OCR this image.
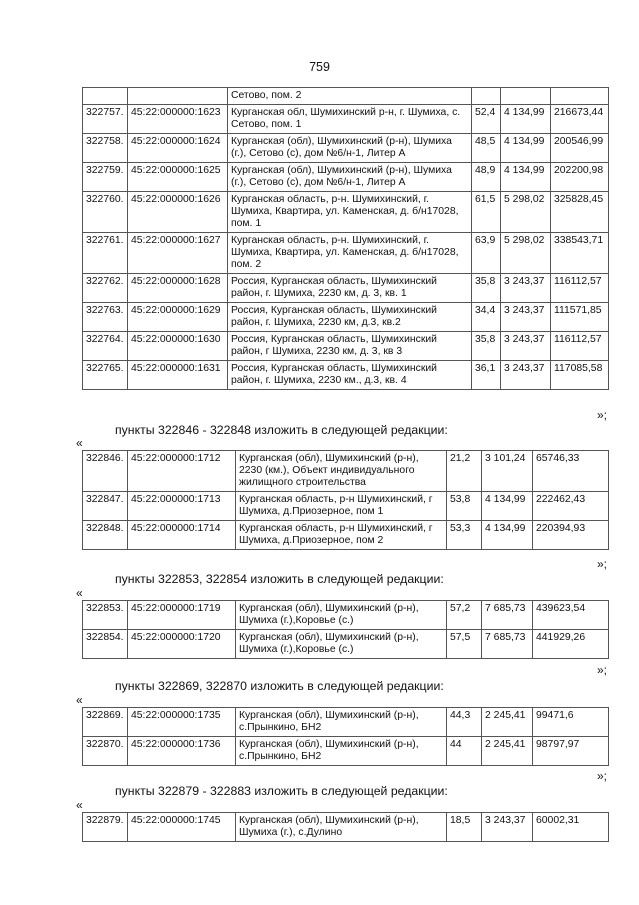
759
		Сетово, пом. 2			
322757.	45:22:000000:1623	Курганская обл, Шумихинский р-н, г. Шумиха, с. Сетово, пом. 1	52,4	4 134,99	216673,44
322758.	45:22:000000:1624	Курганская (обл), Шумихинский (р-н), Шумиха (г.), Сетово (с), дом №6/н-1, Литер А	48,5	4 134,99	200546,99
322759.	45:22:000000:1625	Курганская (обл), Шумихинский (р-н), Шумиха (г.), Сетово (с), дом №6/н-1, Литер А	48,9	4 134,99	202200,98
322760.	45:22:000000:1626	Курганская область, р-н. Шумихинский, г. Шумиха, Квартира, ул. Каменская, д. б/н17028, пом. 1	61,5	5 298,02	325828,45
322761.	45:22:000000:1627	Курганская область, р-н. Шумихинский, г. Шумиха, Квартира, ул. Каменская, д. б/н17028, пом. 2	63,9	5 298,02	338543,71
322762.	45:22:000000:1628	Россия, Курганская область, Шумихинский район, г. Шумиха, 2230 км, д. 3, кв. 1	35,8	3 243,37	116112,57
322763.	45:22:000000:1629	Россия, Курганская область, Шумихинский район, г. Шумиха, 2230 км, д.3, кв.2	34,4	3 243,37	111571,85
322764.	45:22:000000:1630	Россия, Курганская область, Шумихинский район, г Шумиха, 2230 км, д. 3, кв 3	35,8	3 243,37	116112,57
322765.	45:22:000000:1631	Россия, Курганская область, Шумихинский район, г. Шумиха, 2230 км., д.3, кв. 4	36,1	3 243,37	117085,58
»;
пункты 322846 - 322848 изложить в следующей редакции:
«
322846.	45:22:000000:1712	Курганская (обл), Шумихинский (р-н), 2230 (км.), Объект индивидуального жилищного строительства	21,2	3 101,24	65746,33
322847.	45:22:000000:1713	Курганская область, р-н Шумихинский, г Шумиха, д.Приозерное, пом 1	53,8	4 134,99	222462,43
322848.	45:22:000000:1714	Курганская область, р-н Шумихинский, г Шумиха, д.Приозерное, пом 2	53,3	4 134,99	220394,93
»;
пункты 322853, 322854 изложить в следующей редакции:
«
322853.	45:22:000000:1719	Курганская (обл), Шумихинский (р-н), Шумиха (г.),Коровье (с.)	57,2	7 685,73	439623,54
322854.	45:22:000000:1720	Курганская (обл), Шумихинский (р-н), Шумиха (г.),Коровье (с.)	57,5	7 685,73	441929,26
»;
пункты 322869, 322870 изложить в следующей редакции:
«
322869.	45:22:000000:1735	Курганская (обл), Шумихинский (р-н), с.Прынкино, БН2	44,3	2 245,41	99471,6
322870.	45:22:000000:1736	Курганская (обл), Шумихинский (р-н), с.Прынкино, БН2	44	2 245,41	98797,97
»;
пункты 322879 - 322883 изложить в следующей редакции:
«
322879.	45:22:000000:1745	Курганская (обл), Шумихинский (р-н), Шумиха (г.), с.Дулино	18,5	3 243,37	60002,31
